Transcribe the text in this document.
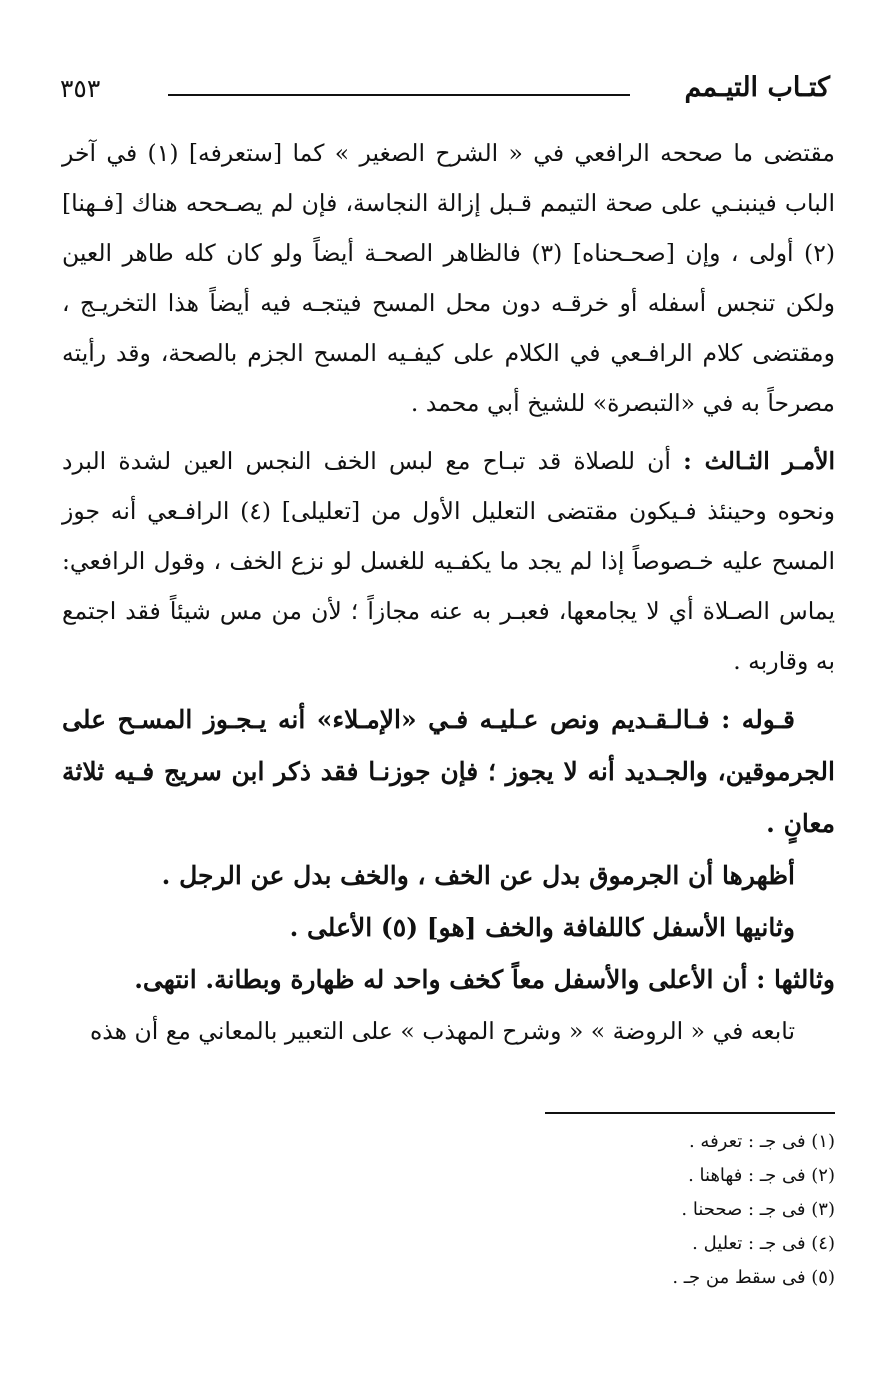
كتـاب التيـمم
٣٥٣

مقتضى ما صححه الرافعي في « الشرح الصغير » كما [ستعرفه] (١) في آخر الباب فينبنـي على صحة التيمم قـبل إزالة النجاسة، فإن لم يصـححه هناك [فـهنا](٢) أولى ، وإن [صحـحناه] (٣) فالظاهر الصحـة أيضاً ولو كان كله طاهر العين ولكن تنجس أسفله أو خرقـه دون محل المسح فيتجـه فيه أيضاً هذا التخريـج ، ومقتضى كلام الرافـعي في الكلام على كيفـيه المسح الجزم بالصحة، وقد رأيته مصرحاً به في «التبصرة» للشيخ أبي محمد .

الأمـر الثـالث : أن للصلاة قد تبـاح مع لبس الخف النجس العين لشدة البرد ونحوه وحينئذ فـيكون مقتضى التعليل الأول من [تعليلى] (٤) الرافـعي أنه جوز المسح عليه خـصوصاً إذا لم يجد ما يكفـيه للغسل لو نزع الخف ، وقول الرافعي: يماس الصـلاة أي لا يجامعها، فعبـر به عنه مجازاً ؛ لأن من مس شيئاً فقد اجتمع به وقاربه .

قـوله : فـالـقـديم ونص عـليـه فـي «الإمـلاء» أنه يـجـوز المسـح على الجرموقين، والجـديد أنه لا يجوز ؛ فإن جوزنـا فقد ذكر ابن سريج فـيه ثلاثة معانٍ .

أظهرها أن الجرموق بدل عن الخف ، والخف بدل عن الرجل .

وثانيها الأسفل كاللفافة والخف [هو] (٥) الأعلى .

وثالثها : أن الأعلى والأسفل معاً كخف واحد له ظهارة وبطانة. انتهى.

تابعه في « الروضة » « وشرح المهذب » على التعبير بالمعاني مع أن هذه

(١) فى جـ : تعرفه .
(٢) فى جـ : فهاهنا .
(٣) فى جـ : صححنا .
(٤) فى جـ : تعليل .
(٥) فى سقط من جـ .
